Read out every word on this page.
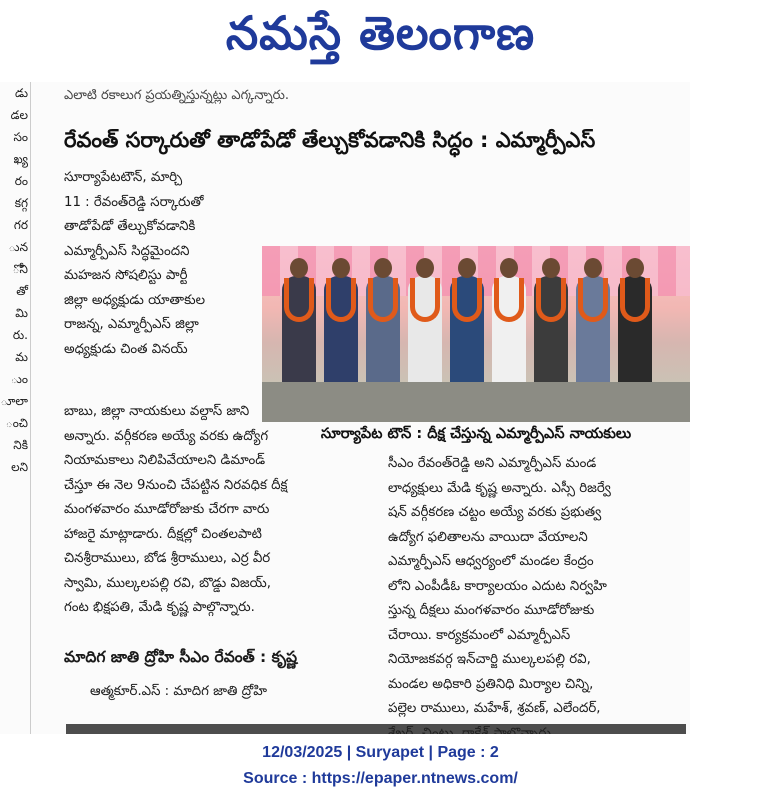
నమస్తే తెలంగాణ
డు
డల
సం
ఖ్య
రం
కగ్గ
గర
ున
ోని
తో
మి
రు.
మ
ుం
ూలా
ంచి
నికి
లని
ఎలాటి రకాలుగ ప్రయత్నిస్తున్నట్లు ఎగ్కన్నారు.
రేవంత్ సర్కారుతో తాడోపేడో తేల్చుకోవడానికి సిద్ధం : ఎమ్మార్పీఎస్

సూర్యాపేటటౌన్, మార్చి

11 : రేవంత్‌రెడ్డి సర్కారుతో

తాడోపేడో తేల్చుకోవడానికి

ఎమ్మార్పీఎస్ సిద్ధమైందని

మహజన సోషలిస్టు పార్టీ

జిల్లా అధ్యక్షుడు యాతాకుల

రాజన్న, ఎమ్మార్పీఎస్ జిల్లా

అధ్యక్షుడు చింత వినయ్

సూర్యాపేట టౌన్ : దీక్ష చేస్తున్న ఎమ్మార్పీఎస్ నాయకులు

బాబు, జిల్లా నాయకులు వల్దాస్ జాని

అన్నారు. వర్గీకరణ అయ్యే వరకు ఉద్యోగ

నియామకాలు నిలిపివేయాలని డిమాండ్

చేస్తూ ఈ నెల 9నుంచి చేపట్టిన నిరవధిక దీక్ష

మంగళవారం మూడోరోజుకు చేరగా వారు

హాజరై మాట్లాడారు. దీక్షల్లో చింతలపాటి

చినశ్రీరాములు, బోడ శ్రీరాములు, ఎర్ర వీర

స్వామి, ముల్కలపల్లి రవి, బొడ్డు విజయ్,

గంట భిక్షపతి, మేడి కృష్ణ పాల్గొన్నారు.

సీఎం రేవంత్‌రెడ్డి అని ఎమ్మార్పీఎస్ మండ

లాధ్యక్షులు మేడి కృష్ణ అన్నారు. ఎస్సీ రిజర్వే

షన్ వర్గీకరణ చట్టం అయ్యే వరకు ప్రభుత్వ

ఉద్యోగ ఫలితాలను వాయిదా వేయాలని

ఎమ్మార్పీఎస్ ఆధ్వర్యంలో మండల కేంద్రం

లోని ఎంపీడీఓ కార్యాలయం ఎదుట నిర్వహి

స్తున్న దీక్షలు మంగళవారం మూడోరోజుకు

చేరాయి. కార్యక్రమంలో ఎమ్మార్పీఎస్

నియోజకవర్గ ఇన్‌చార్జి ముల్కలపల్లి రవి,

మండల అధికారి ప్రతినిధి మిర్యాల చిన్ని,

పల్లెల రాములు, మహేశ్, శ్రవణ్, ఎలేందర్,

మాదిగ జాతి ద్రోహి సీఎం రేవంత్ : కృష్ణ

ఆత్మకూర్.ఎస్ : మాదిగ జాతి ద్రోహి

12/03/2025 | Suryapet | Page : 2
Source : https://epaper.ntnews.com/
